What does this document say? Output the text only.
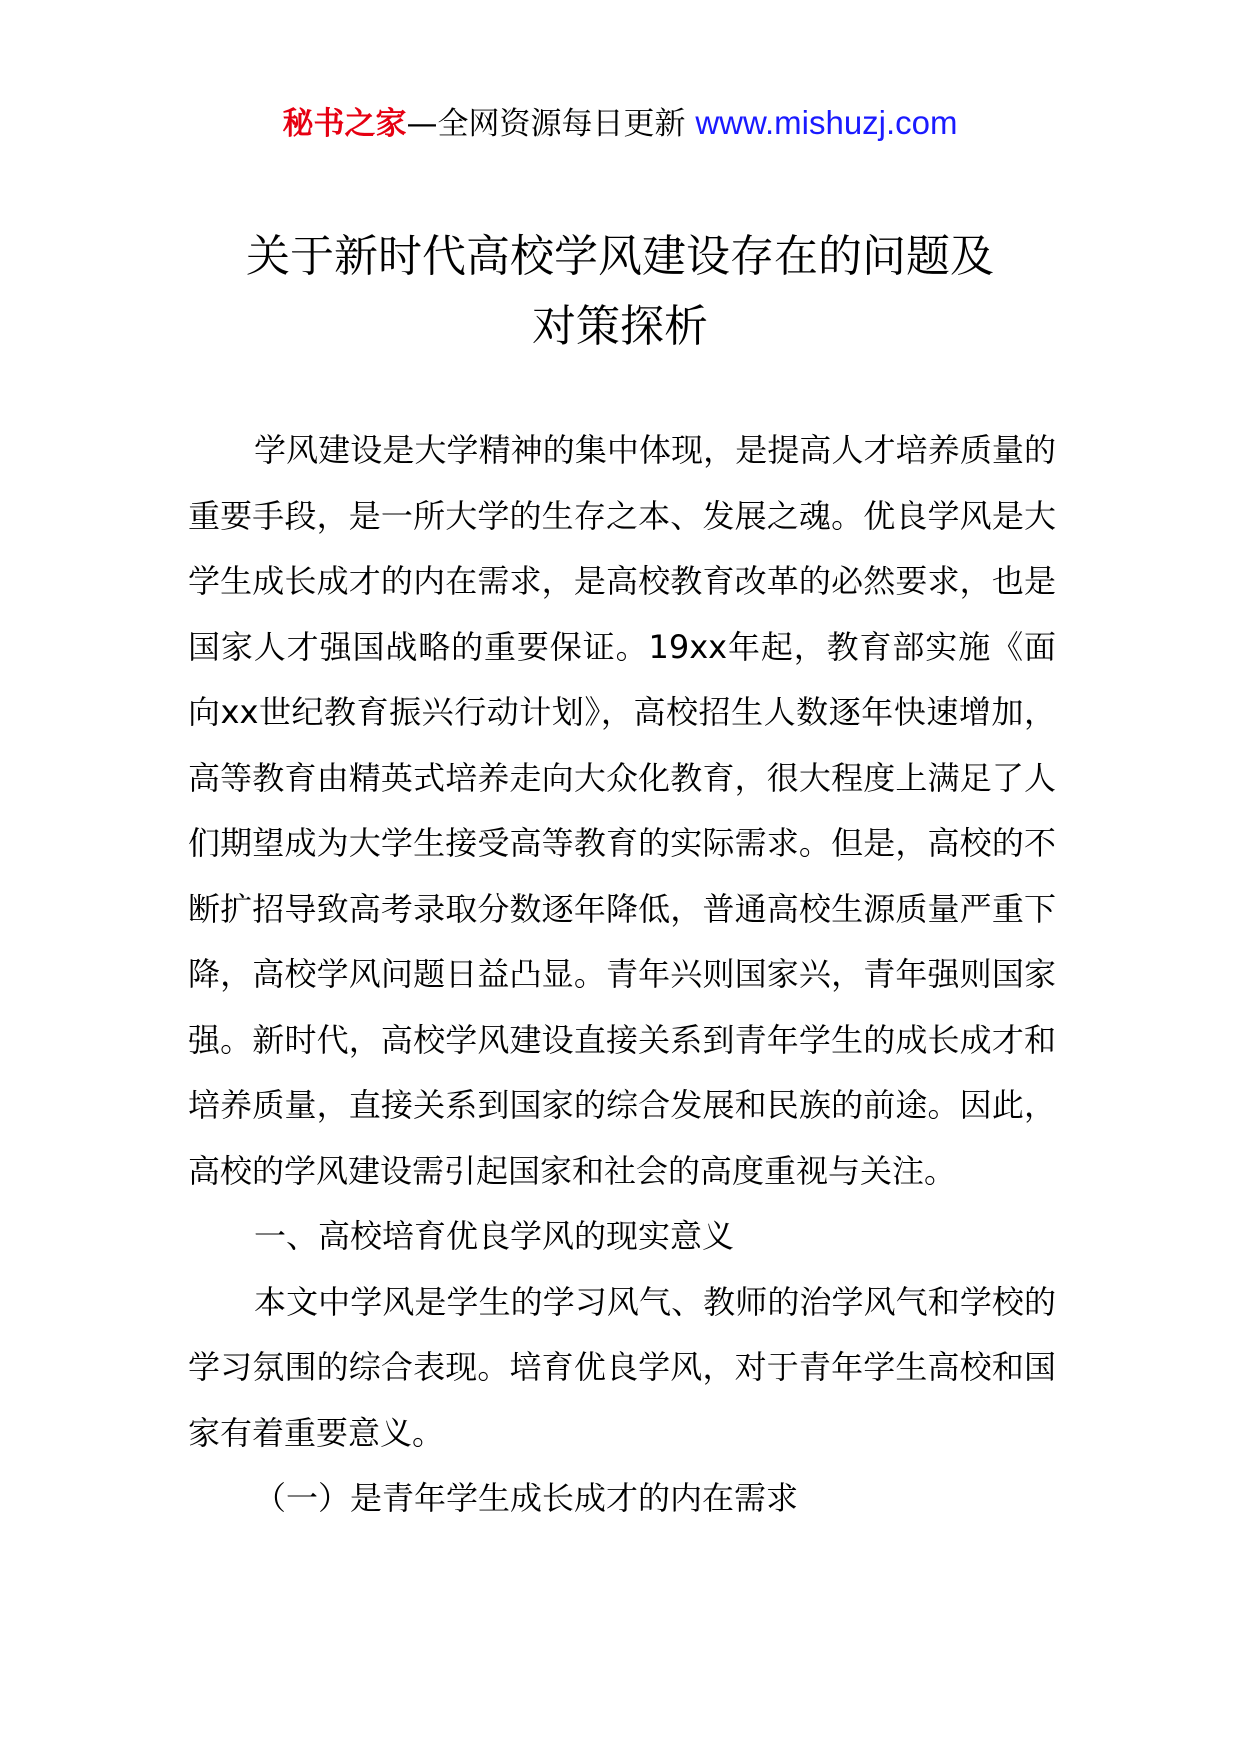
秘书之家—全网资源每日更新 www.mishuzj.com
关于新时代高校学风建设存在的问题及
对策探析

学风建设是大学精神的集中体现，是提高人才培养质量的重要手段，是一所大学的生存之本、发展之魂。优良学风是大学生成长成才的内在需求，是高校教育改革的必然要求，也是国家人才强国战略的重要保证。19xx年起，教育部实施《面向xx世纪教育振兴行动计划》，高校招生人数逐年快速增加，高等教育由精英式培养走向大众化教育，很大程度上满足了人们期望成为大学生接受高等教育的实际需求。但是，高校的不断扩招导致高考录取分数逐年降低，普通高校生源质量严重下降，高校学风问题日益凸显。青年兴则国家兴，青年强则国家强。新时代，高校学风建设直接关系到青年学生的成长成才和培养质量，直接关系到国家的综合发展和民族的前途。因此，高校的学风建设需引起国家和社会的高度重视与关注。

一、高校培育优良学风的现实意义

本文中学风是学生的学习风气、教师的治学风气和学校的学习氛围的综合表现。培育优良学风，对于青年学生高校和国家有着重要意义。

（一）是青年学生成长成才的内在需求
